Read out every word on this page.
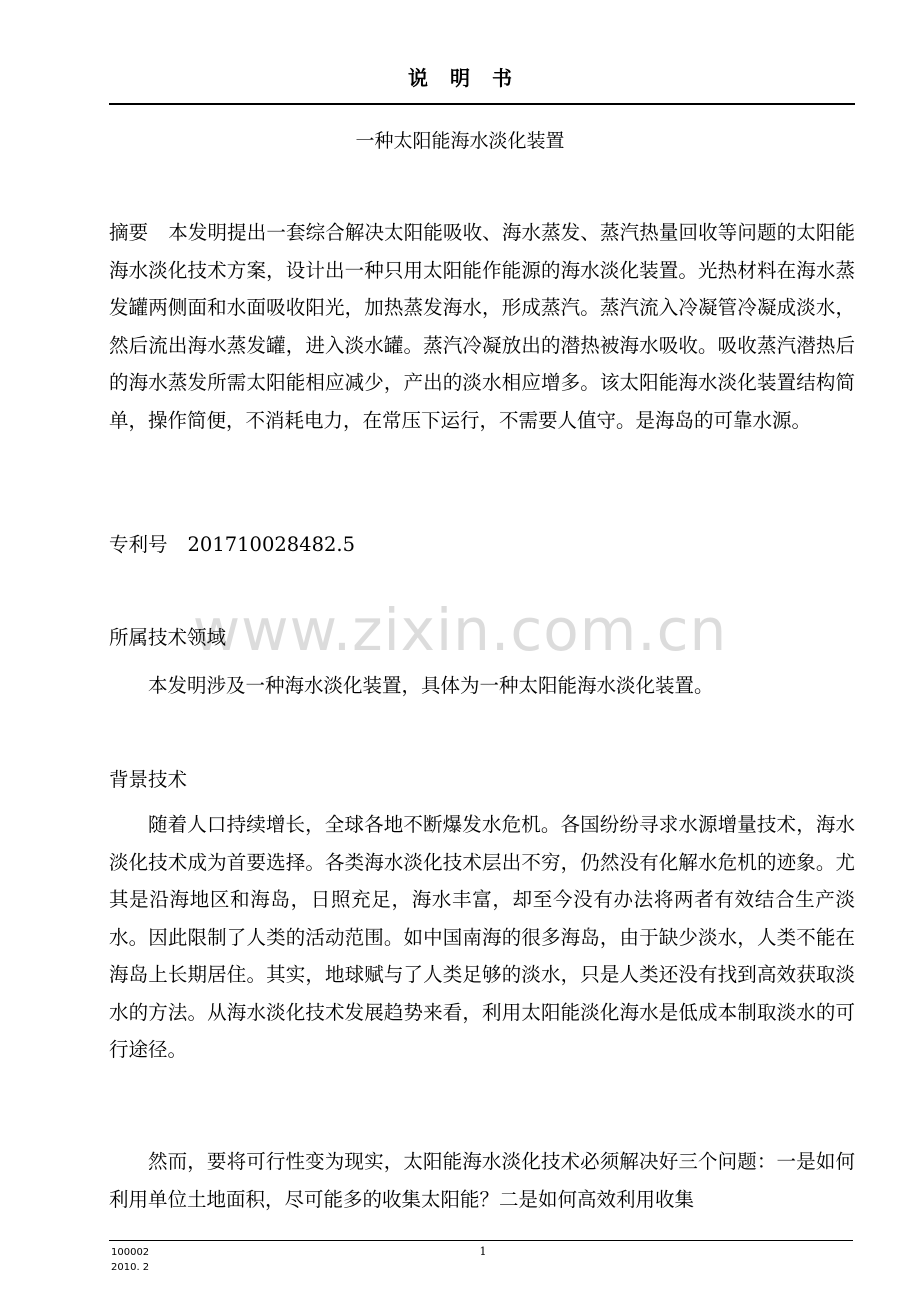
说明书
一种太阳能海水淡化装置
摘要 本发明提出一套综合解决太阳能吸收、海水蒸发、蒸汽热量回收等问题的太阳能海水淡化技术方案，设计出一种只用太阳能作能源的海水淡化装置。光热材料在海水蒸发罐两侧面和水面吸收阳光，加热蒸发海水，形成蒸汽。蒸汽流入冷凝管冷凝成淡水，然后流出海水蒸发罐，进入淡水罐。蒸汽冷凝放出的潜热被海水吸收。吸收蒸汽潜热后的海水蒸发所需太阳能相应减少，产出的淡水相应增多。该太阳能海水淡化装置结构简单，操作简便，不消耗电力，在常压下运行，不需要人值守。是海岛的可靠水源。
专利号 201710028482.5
www.zixin.com.cn
所属技术领域
本发明涉及一种海水淡化装置，具体为一种太阳能海水淡化装置。
背景技术
随着人口持续增长，全球各地不断爆发水危机。各国纷纷寻求水源增量技术，海水淡化技术成为首要选择。各类海水淡化技术层出不穷，仍然没有化解水危机的迹象。尤其是沿海地区和海岛，日照充足，海水丰富，却至今没有办法将两者有效结合生产淡水。因此限制了人类的活动范围。如中国南海的很多海岛，由于缺少淡水，人类不能在海岛上长期居住。其实，地球赋与了人类足够的淡水，只是人类还没有找到高效获取淡水的方法。从海水淡化技术发展趋势来看，利用太阳能淡化海水是低成本制取淡水的可行途径。
然而，要将可行性变为现实，太阳能海水淡化技术必须解决好三个问题：一是如何利用单位土地面积，尽可能多的收集太阳能？二是如何高效利用收集
100002
2010. 2
1
